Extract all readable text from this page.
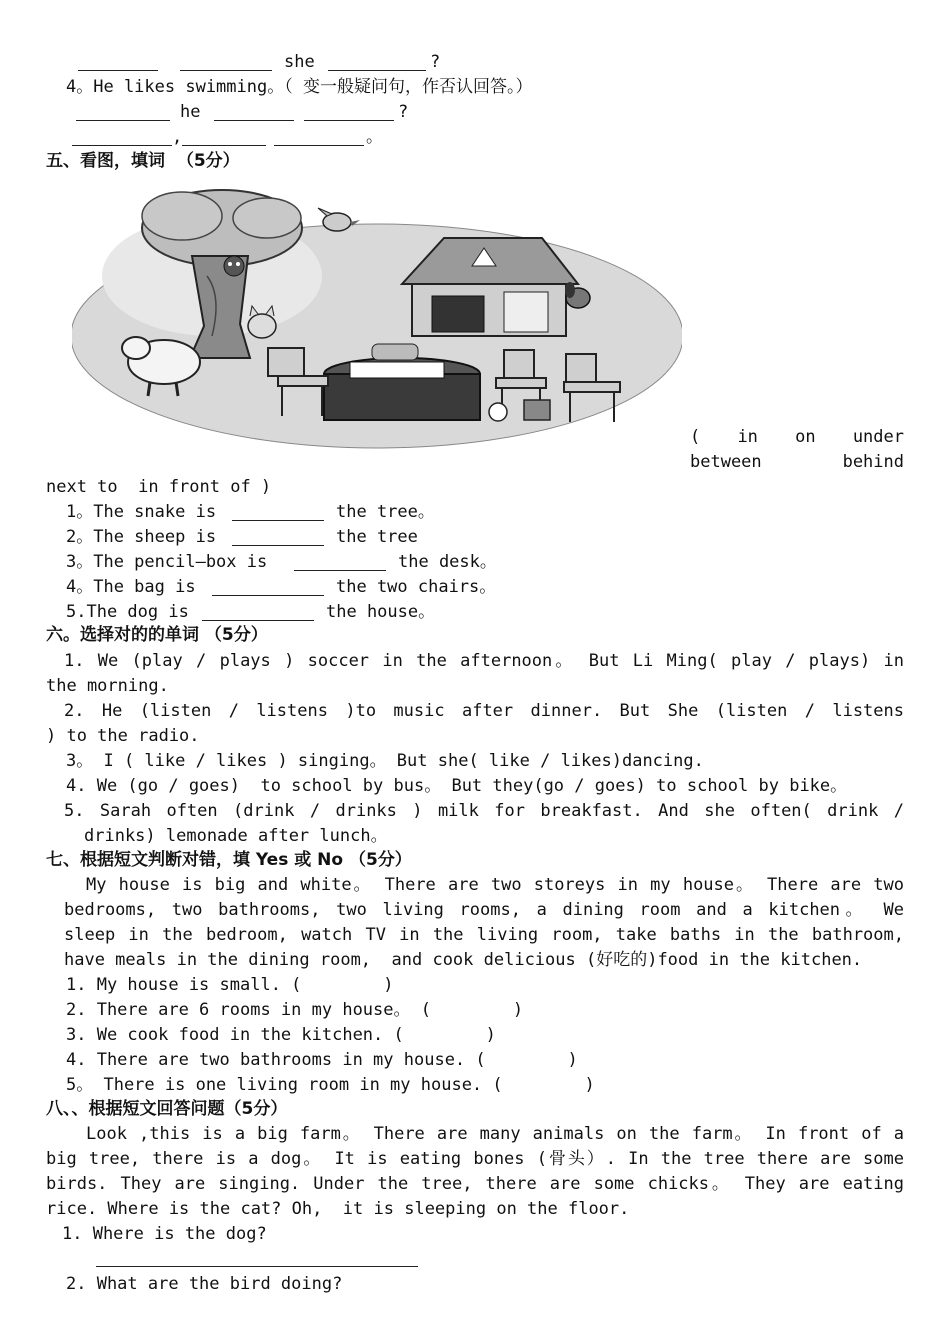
she	?
4。He likes swimming。（ 变一般疑问句，作否认回答。）
he	?
,	。
五、看图，填词  （5分）
( in on under
between behind
next to  in front of )
1。The snake is	the tree。
2。The sheep is	the tree
3。The pencil—box is	the desk。
4。The bag is	the two chairs。
5.The dog is	the house。
六。选择对的的单词 （5分）
1. We (play / plays ) soccer in the afternoon。 But Li Ming( play / plays) in
the morning.
2. He (listen / listens )to music after dinner. But She (listen / listens
) to the radio.
3。 I ( like / likes ) singing。 But she( like / likes)dancing.
4. We (go / goes)  to school by bus。 But they(go / goes) to school by bike。
5. Sarah often (drink / drinks ) milk for breakfast. And she often( drink /
drinks) lemonade after lunch。
七、根据短文判断对错，填 Yes 或 No （5分）
My house is big and white。 There are two storeys in my house。 There are two
bedrooms, two bathrooms, two living rooms, a dining room and a kitchen。 We
sleep in the bedroom, watch TV in the living room, take baths in the bathroom,
have meals in the dining room,  and cook delicious (好吃的)food in the kitchen.
1. My house is small. (        )
2. There are 6 rooms in my house。 (        )
3. We cook food in the kitchen. (        )
4. There are two bathrooms in my house. (        )
5。 There is one living room in my house. (        )
八、、根据短文回答问题（5分）
Look ,this is a big farm。 There are many animals on the farm。 In front of a
big tree, there is a dog。 It is eating bones (骨头）. In the tree there are some
birds. They are singing. Under the tree, there are some chicks。 They are eating
rice. Where is the cat? Oh,  it is sleeping on the floor.
1. Where is the dog?
2. What are the bird doing?
